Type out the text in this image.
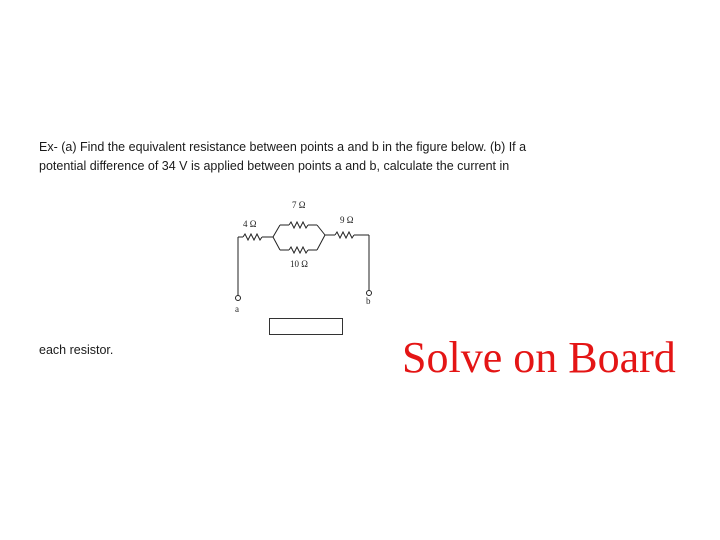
Ex- (a) Find the equivalent resistance between points a and b in the figure below. (b) If a
potential difference of 34 V is applied between points a and b, calculate the current in
4 Ω
7 Ω
10 Ω
9 Ω
a
b
each resistor.	Solve on Board
